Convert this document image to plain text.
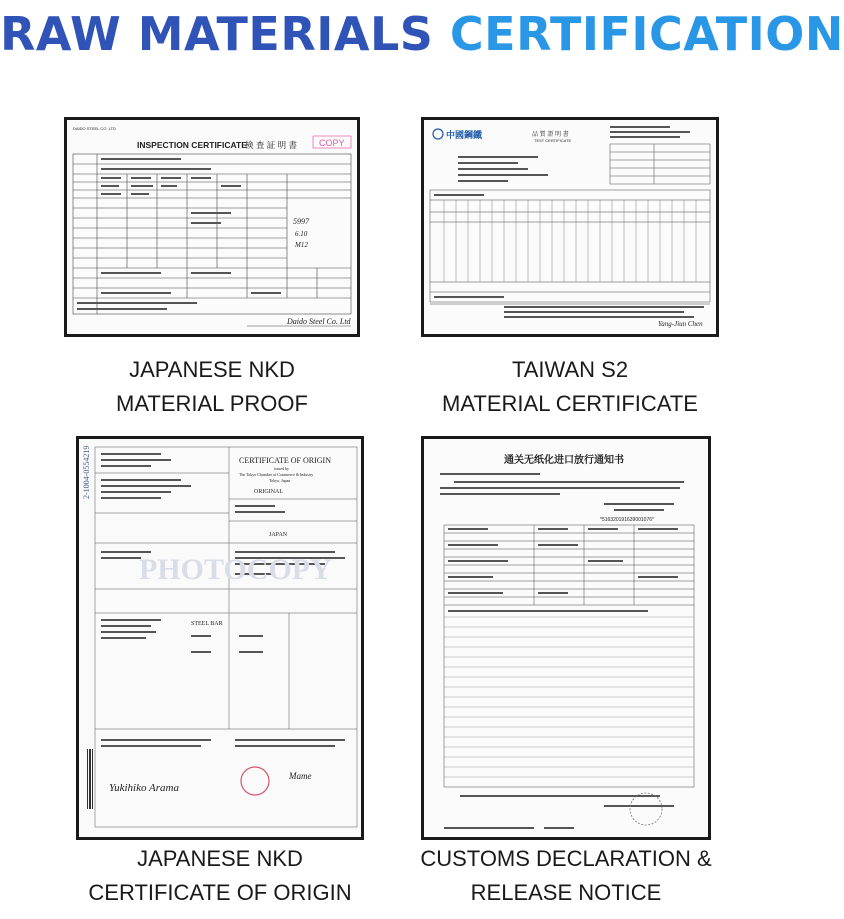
RAW MATERIALS CERTIFICATION
DAIDO STEEL CO. LTD
INSPECTION CERTIFICATE
検 査 証 明 書 COPY
5997
6.10
M12
Daido Steel Co. Ltd
JAPANESE NKD
MATERIAL PROOF
中國鋼鐵	品 質 證 明 書
TEST CERTIFICATE
Yang-Jiun Chen
TAIWAN S2
MATERIAL CERTIFICATE
2-1004-0554219	CERTIFICATE OF ORIGIN
issued by
The Tokyo Chamber of Commerce & Industry
Tokyo, Japan
ORIGINAL
JAPAN
STEEL BAR
PHOTOCOPY
Yukihiko Arama
Mame
JAPANESE NKD
CERTIFICATE OF ORIGIN
通关无纸化进口放行通知书
*516320191639001076*
CUSTOMS DECLARATION &
RELEASE NOTICE
